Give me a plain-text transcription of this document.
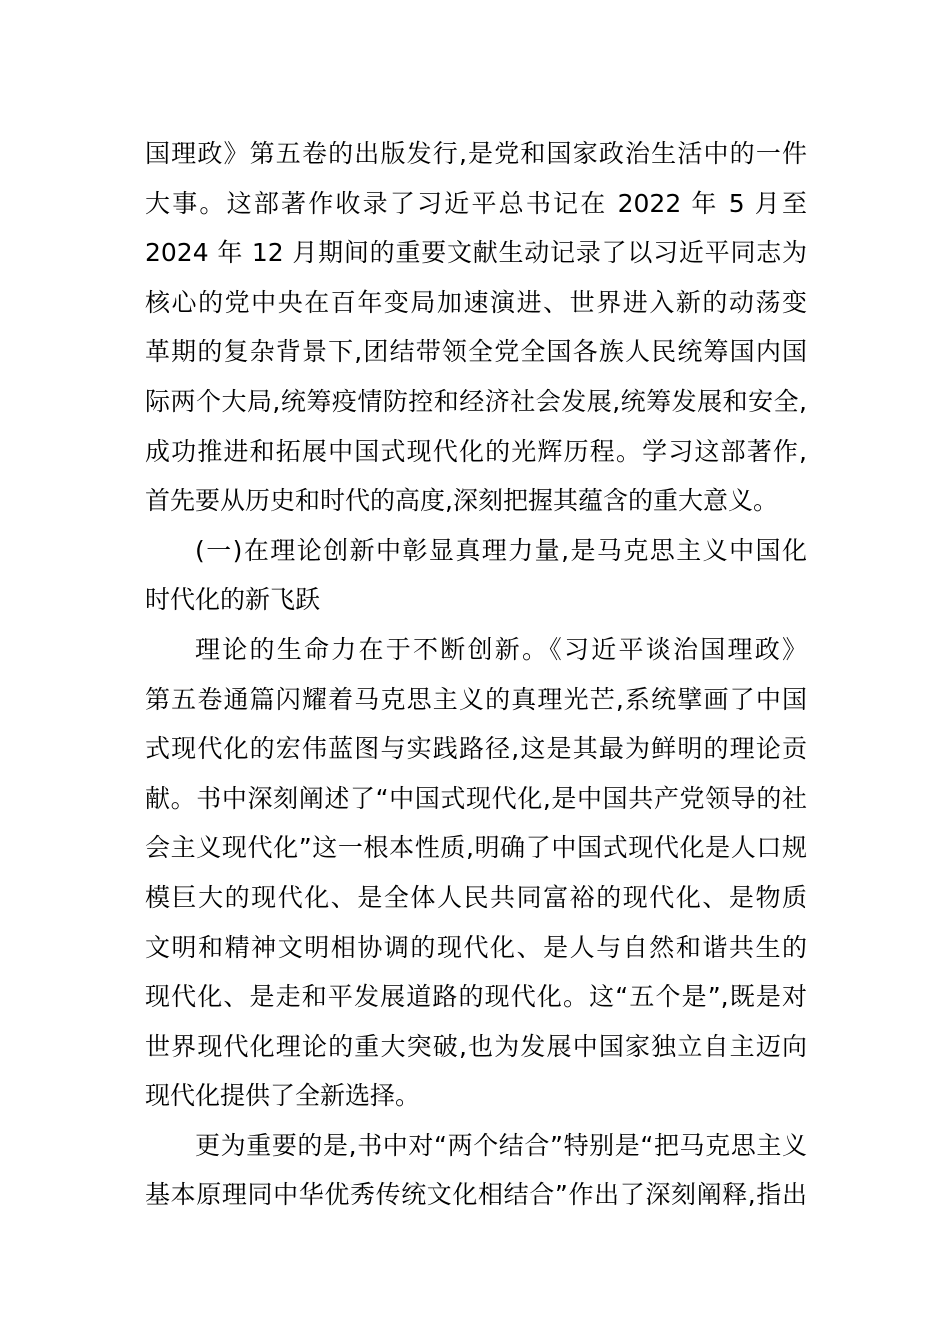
国理政》第五卷的出版发行,是党和国家政治生活中的一件
大事。这部著作收录了习近平总书记在 2022 年 5 月至
2024 年 12 月期间的重要文献生动记录了以习近平同志为
核心的党中央在百年变局加速演进、世界进入新的动荡变
革期的复杂背景下,团结带领全党全国各族人民统筹国内国
际两个大局,统筹疫情防控和经济社会发展,统筹发展和安全,
成功推进和拓展中国式现代化的光辉历程。学习这部著作,
首先要从历史和时代的高度,深刻把握其蕴含的重大意义。
(一)在理论创新中彰显真理力量,是马克思主义中国化
时代化的新飞跃
理论的生命力在于不断创新。《习近平谈治国理政》
第五卷通篇闪耀着马克思主义的真理光芒,系统擘画了中国
式现代化的宏伟蓝图与实践路径,这是其最为鲜明的理论贡
献。书中深刻阐述了“中国式现代化,是中国共产党领导的社
会主义现代化”这一根本性质,明确了中国式现代化是人口规
模巨大的现代化、是全体人民共同富裕的现代化、是物质
文明和精神文明相协调的现代化、是人与自然和谐共生的
现代化、是走和平发展道路的现代化。这“五个是”,既是对
世界现代化理论的重大突破,也为发展中国家独立自主迈向
现代化提供了全新选择。
更为重要的是,书中对“两个结合”特别是“把马克思主义
基本原理同中华优秀传统文化相结合”作出了深刻阐释,指出
